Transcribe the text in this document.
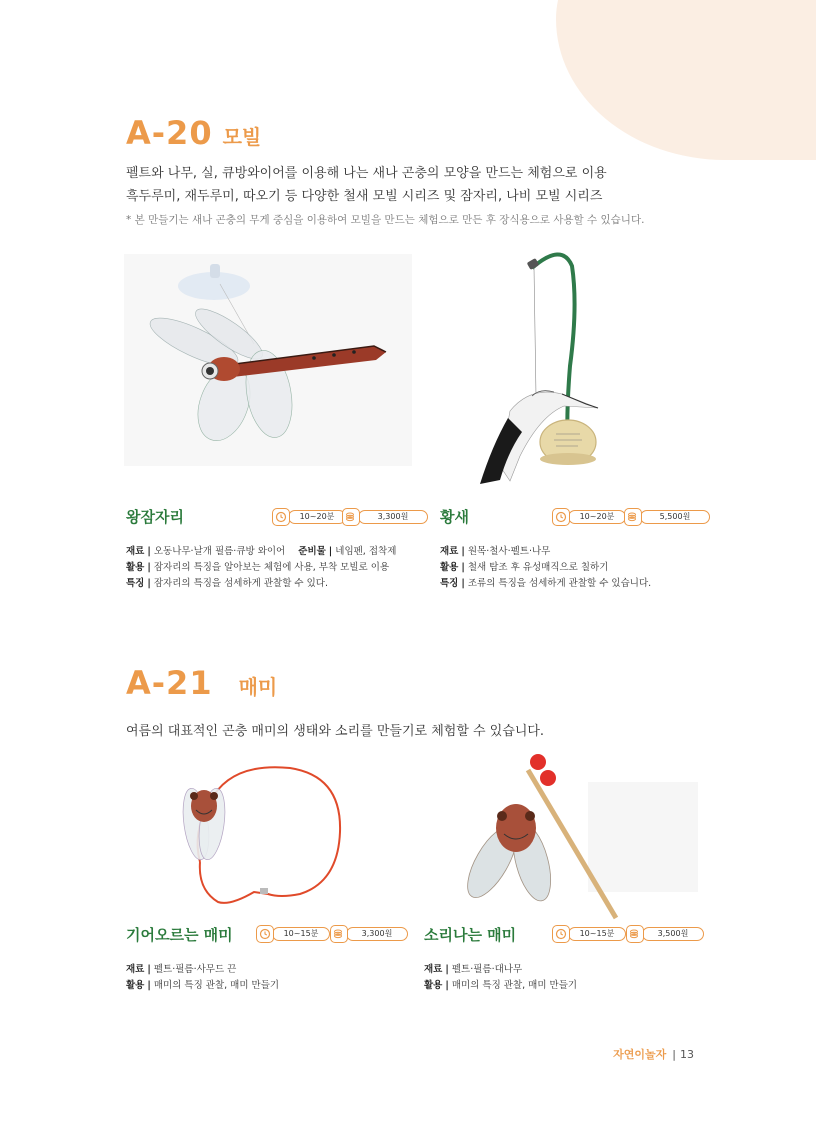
A-20 모빌
펠트와 나무, 실, 큐방와이어를 이용해 나는 새나 곤충의 모양을 만드는 체험으로 이용
흑두루미, 재두루미, 따오기 등 다양한 철새 모빌 시리즈 및 잠자리, 나비 모빌 시리즈
* 본 만들기는 새나 곤충의 무게 중심을 이용하여 모빌을 만드는 체험으로 만든 후 장식용으로 사용할 수 있습니다.
왕잠자리	10~20분	3,300원
재료 | 오동나무·날개 필름·큐방 와이어 준비물 | 네임펜, 접착제
활용 | 잠자리의 특징을 알아보는 체험에 사용, 부착 모빌로 이용
특징 | 잠자리의 특징을 섬세하게 관찰할 수 있다.
황새	10~20분	5,500원
재료 | 원목·철사·펠트·나무
활용 | 철새 탐조 후 유성매직으로 칠하기
특징 | 조류의 특징을 섬세하게 관찰할 수 있습니다.
A-21 매미
여름의 대표적인 곤충 매미의 생태와 소리를 만들기로 체험할 수 있습니다.
기어오르는 매미	10~15분	3,300원
재료 | 펠트·필름·사무드 끈
활용 | 매미의 특징 관찰, 매미 만들기
소리나는 매미	10~15분	3,500원
재료 | 펠트·필름·대나무
활용 | 매미의 특징 관찰, 매미 만들기
자연이놀자 | 13
